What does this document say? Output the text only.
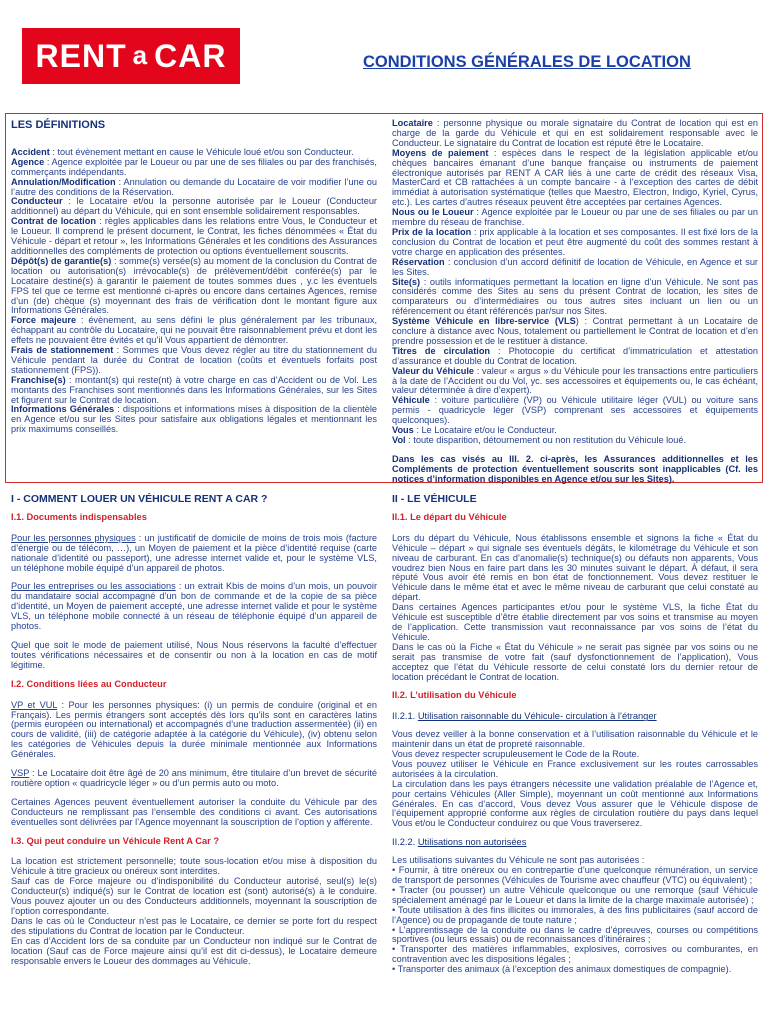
RENT a CAR	CONDITIONS GÉNÉRALES DE LOCATION
LES DÉFINITIONS

Accident : tout évènement mettant en cause le Véhicule loué et/ou son Conducteur.

Agence : Agence exploitée par le Loueur ou par une de ses filiales ou par des franchisés, commerçants indépendants.

Annulation/Modification : Annulation ou demande du Locataire de voir modifier l’une ou l’autre des conditions de la Réservation.

Conducteur : le Locataire et/ou la personne autorisée par le Loueur (Conducteur additionnel) au départ du Véhicule, qui en sont ensemble solidairement responsables.

Contrat de location : règles applicables dans les relations entre Vous, le Conducteur et le Loueur. Il comprend le présent document, le Contrat, les fiches dénommées « État du Véhicule - départ et retour », les Informations Générales et les conditions des Assurances additionnelles des compléments de protection ou options éventuellement souscrits.

Dépôt(s) de garantie(s) : somme(s) versée(s) au moment de la conclusion du Contrat de location ou autorisation(s) irrévocable(s) de prélèvement/débit conférée(s) par le Locataire destiné(s) à garantir le paiement de toutes sommes dues , y.c les éventuels FPS tel que ce terme est mentionné ci-après ou encore dans certaines Agences, remise d’un (de) chèque (s) moyennant des frais de vérification dont le montant figure aux Informations Générales.

Force majeure : évènement, au sens défini le plus généralement par les tribunaux, échappant au contrôle du Locataire, qui ne pouvait être raisonnablement prévu et dont les effets ne pouvaient être évités et qu’il Vous appartient de démontrer.

Frais de stationnement : Sommes que Vous devez régler au titre du stationnement du Véhicule pendant la durée du Contrat de location (coûts et éventuels forfaits post stationnement (FPS)).

Franchise(s) : montant(s) qui reste(nt) à votre charge en cas d’Accident ou de Vol. Les montants des Franchises sont mentionnés dans les Informations Générales, sur les Sites et figurent sur le Contrat de location.

Informations Générales : dispositions et informations mises à disposition de la clientèle en Agence et/ou sur les Sites pour satisfaire aux obligations légales et mentionnant les prix maximums conseillés.

Locataire : personne physique ou morale signataire du Contrat de location qui est en charge de la garde du Véhicule et qui en est solidairement responsable avec le Conducteur. Le signataire du Contrat de location est réputé être le Locataire.

Moyens de paiement : espèces dans le respect de la législation applicable et/ou chèques bancaires émanant d’une banque française ou instruments de paiement électronique autorisés par RENT A CAR liés à une carte de crédit des réseaux Visa, MasterCard et CB rattachées à un compte bancaire - à l’exception des cartes de débit immédiat à autorisation systématique (telles que Maestro, Electron, Indigo, Kyriel, Cyrus, etc.). Les cartes d’autres réseaux peuvent être acceptées par certaines Agences.

Nous ou le Loueur : Agence exploitée par le Loueur ou par une de ses filiales ou par un membre du réseau de franchise.

Prix de la location : prix applicable à la location et ses composantes. Il est fixé lors de la conclusion du Contrat de location et peut être augmenté du coût des sommes restant à votre charge en application des présentes.

Réservation : conclusion d’un accord définitif de location de Véhicule, en Agence et sur les Sites.

Site(s) : outils informatiques permettant la location en ligne d’un Véhicule. Ne sont pas considérés comme des Sites au sens du présent Contrat de location, les sites de comparateurs ou d’intermédiaires ou tous autres sites incluant un lien ou un référencement ou étant référencés par/sur nos Sites.

Système Véhicule en libre-service (VLS) : Contrat permettant à un Locataire de conclure à distance avec Nous, totalement ou partiellement le Contrat de location et d’en prendre possession et de le restituer à distance.

Titres de circulation : Photocopie du certificat d’immatriculation et attestation d’assurance et double du Contrat de location.

Valeur du Véhicule : valeur « argus » du Véhicule pour les transactions entre particuliers à la date de l’Accident ou du Vol, yc. ses accessoires et équipements ou, le cas échéant, valeur déterminée à dire d’expert).

Véhicule : voiture particulière (VP) ou Véhicule utilitaire léger (VUL) ou voiture sans permis - quadricycle léger (VSP) comprenant ses accessoires et équipements quelconques).

Vous : Le Locataire et/ou le Conducteur.

Vol : toute disparition, détournement ou non restitution du Véhicule loué.

Dans les cas visés au III. 2. ci-après, les Assurances additionnelles et les Compléments de protection éventuellement souscrits sont inapplicables (Cf. les notices d’information disponibles en Agence et/ou sur les Sites).

I - COMMENT LOUER UN VÉHICULE RENT A CAR ?
I.1. Documents indispensables

Pour les personnes physiques : un justificatif de domicile de moins de trois mois (facture d’énergie ou de télécom, …), un Moyen de paiement et la pièce d’identité requise (carte nationale d’identité ou passeport), une adresse internet valide et, pour le système VLS, un téléphone mobile équipé d’un appareil de photos.

Pour les entreprises ou les associations : un extrait Kbis de moins d’un mois, un pouvoir du mandataire social accompagné d’un bon de commande et de la copie de sa pièce d’identité, un Moyen de paiement accepté, une adresse internet valide et pour le système VLS, un téléphone mobile connecté à un réseau de téléphonie équipé d’un appareil de photos.

Quel que soit le mode de paiement utilisé, Nous Nous réservons la faculté d’effectuer toutes vérifications nécessaires et de consentir ou non à la location en cas de motif légitime.

I.2. Conditions liées au Conducteur

VP et VUL : Pour les personnes physiques: (i) un permis de conduire (original et en Français). Les permis étrangers sont acceptés dès lors qu’ils sont en caractères latins (permis européen ou international) et accompagnés d’une traduction assermentée) (ii) en cours de validité, (iii) de catégorie adaptée à la catégorie du Véhicule), (iv) obtenu selon les catégories de Véhicules depuis la durée minimale mentionnée aux Informations Générales.

VSP : Le Locataire doit être âgé de 20 ans minimum, être titulaire d’un brevet de sécurité routière option « quadricycle léger » ou d’un permis auto ou moto.

Certaines Agences peuvent éventuellement autoriser la conduite du Véhicule par des Conducteurs ne remplissant pas l’ensemble des conditions ci avant. Ces autorisations éventuelles sont délivrées par l’Agence moyennant la souscription de l’option y afférente.

I.3. Qui peut conduire un Véhicule Rent A Car ?

La location est strictement personnelle; toute sous-location et/ou mise à disposition du Véhicule à titre gracieux ou onéreux sont interdites.

Sauf cas de Force majeure ou d’indisponibilité du Conducteur autorisé, seul(s) le(s) Conducteur(s) indiqué(s) sur le Contrat de location est (sont) autorisé(s) à le conduire. Vous pouvez ajouter un ou des Conducteurs additionnels, moyennant la souscription de l’option correspondante.

Dans le cas où le Conducteur n’est pas le Locataire, ce dernier se porte fort du respect des stipulations du Contrat de location par le Conducteur.

En cas d’Accident lors de sa conduite par un Conducteur non indiqué sur le Contrat de location (Sauf cas de Force majeure ainsi qu’il est dit ci-dessus), le Locataire demeure responsable envers le Loueur des dommages au Véhicule.

II - LE VÉHICULE
II.1. Le départ du Véhicule

Lors du départ du Véhicule, Nous établissons ensemble et signons la fiche « État du Véhicule – départ » qui signale ses éventuels dégâts, le kilométrage du Véhicule et son niveau de carburant. En cas d’anomalie(s) technique(s) ou défauts non apparents, Vous voudrez bien Nous en faire part dans les 30 minutes suivant le départ. À défaut, il sera réputé Vous avoir été remis en bon état de fonctionnement. Vous devez restituer le Véhicule dans le même état et avec le même niveau de carburant que celui constaté au départ.

Dans certaines Agences participantes et/ou pour le système VLS, la fiche État du Véhicule est susceptible d’être établie directement par vos soins et transmise au moyen de l’application. Cette transmission vaut reconnaissance par vos soins de l’état du Véhicule.

Dans le cas où la Fiche « État du Véhicule » ne serait pas signée par vos soins ou ne serait pas transmise de votre fait (sauf dysfonctionnement de l’application), Vous acceptez que l’état du Véhicule ressorte de celui constaté lors du dernier retour de location précédant le Contrat de location.

II.2. L’utilisation du Véhicule
II.2.1. Utilisation raisonnable du Véhicule- circulation à l’étranger

Vous devez veiller à la bonne conservation et à l’utilisation raisonnable du Véhicule et le maintenir dans un état de propreté raisonnable.

Vous devez respecter scrupuleusement le Code de la Route.

Vous pouvez utiliser le Véhicule en France exclusivement sur les routes carrossables autorisées à la circulation.

La circulation dans les pays étrangers nécessite une validation préalable de l’Agence et, pour certains Véhicules (Aller Simple), moyennant un coût mentionné aux Informations Générales. En cas d’accord, Vous devez Vous assurer que le Véhicule dispose de l’équipement approprié conforme aux règles de circulation routière du pays dans lequel Vous et/ou le Conducteur conduirez ou que Vous traverserez.

II.2.2. Utilisations non autorisées

Les utilisations suivantes du Véhicule ne sont pas autorisées :

• Fournir, à titre onéreux ou en contrepartie d’une quelconque rémunération, un service de transport de personnes (Véhicules de Tourisme avec chauffeur (VTC) ou équivalent) ;

• Tracter (ou pousser) un autre Véhicule quelconque ou une remorque (sauf Véhicule spécialement aménagé par le Loueur et dans la limite de la charge maximale autorisée) ;

• Toute utilisation à des fins illicites ou immorales, à des fins publicitaires (sauf accord de l’Agence) ou de propagande de toute nature ;

• L’apprentissage de la conduite ou dans le cadre d’épreuves, courses ou compétitions sportives (ou leurs essais) ou de reconnaissances d’itinéraires ;

• Transporter des matières inflammables, explosives, corrosives ou comburantes, en contravention avec les dispositions légales ;

• Transporter des animaux (à l’exception des animaux domestiques de compagnie).
